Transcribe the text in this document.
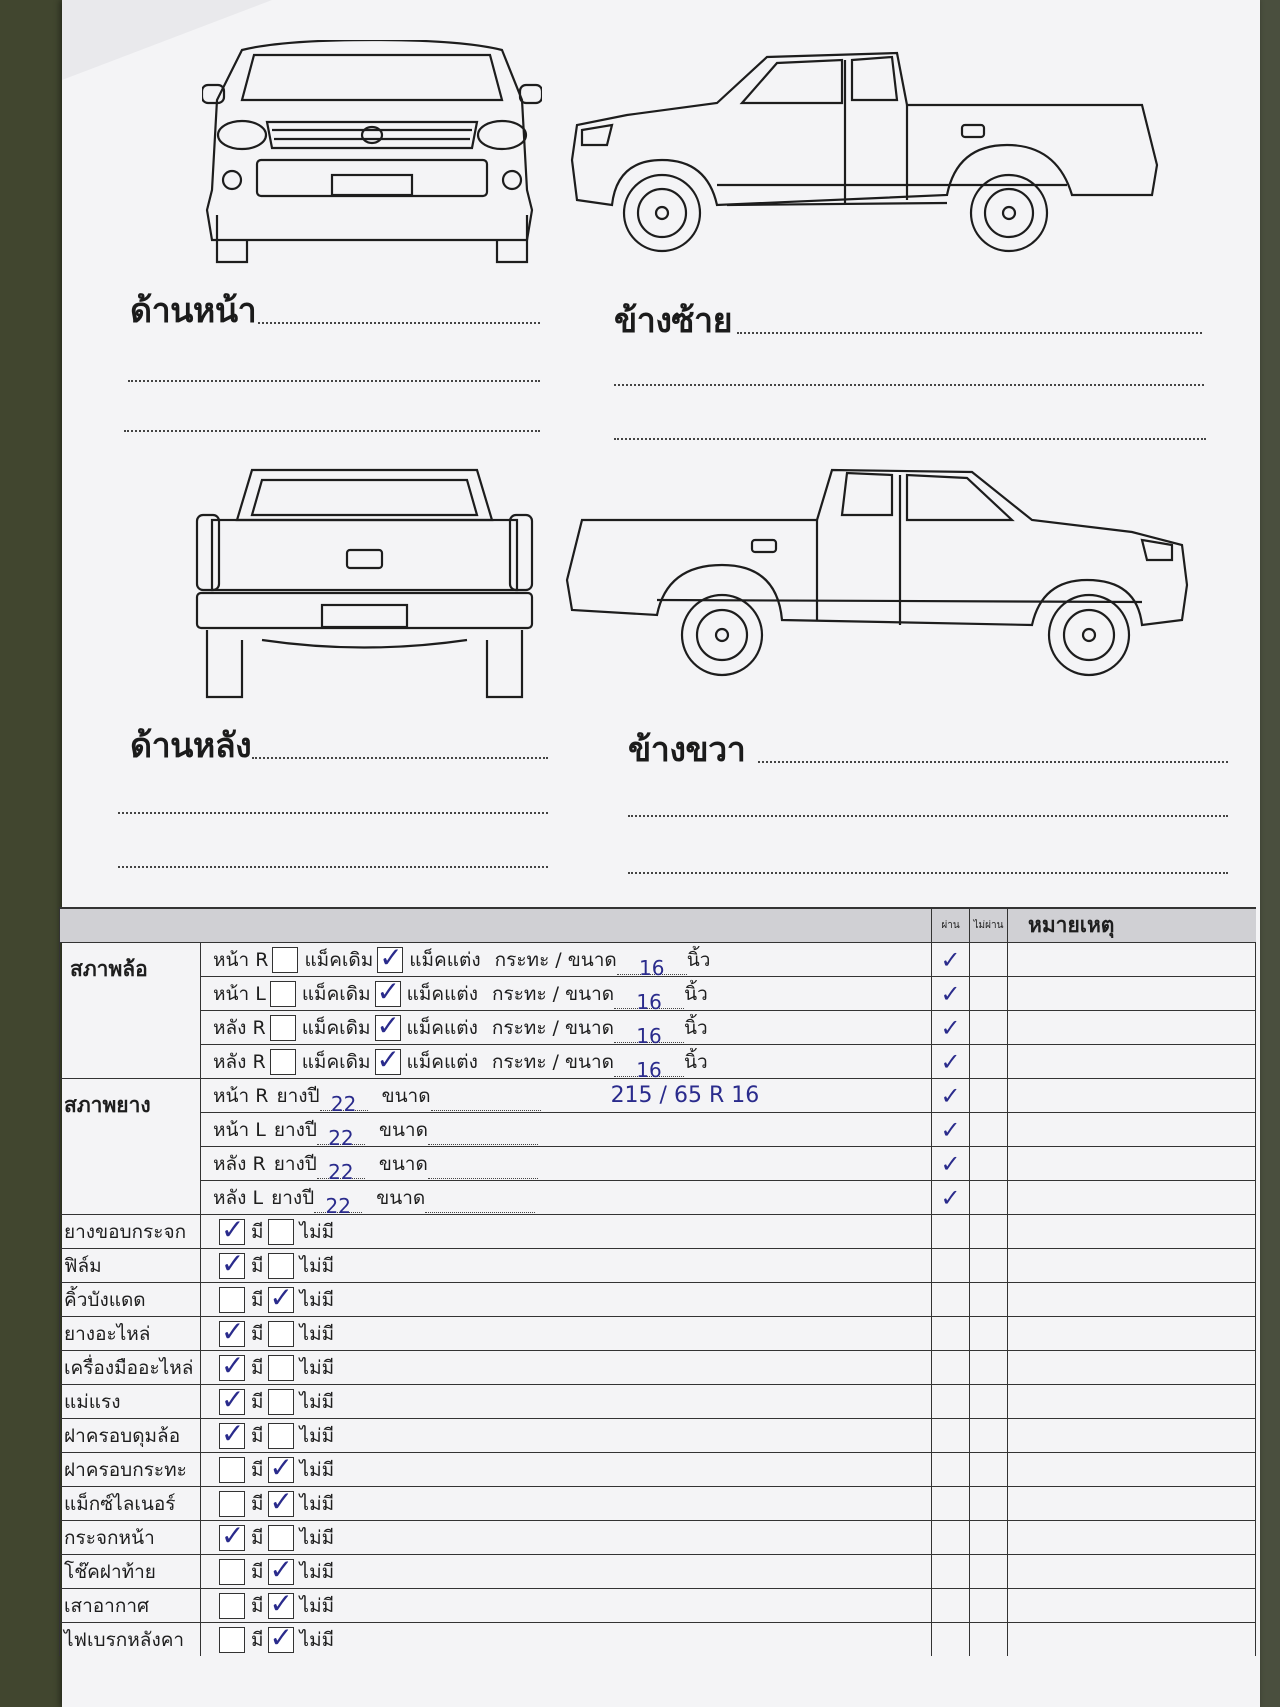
ด้านหน้า	ข้างซ้าย
ด้านหลัง	ข้างขวา
		ผ่าน	ไม่ผ่าน	หมายเหตุ
สภาพล้อ	หน้า R แม็คเดิม ✓ แม็คแต่ง กระทะ / ขนาด 16 นิ้ว	✓		
	หน้า L แม็คเดิม ✓ แม็คแต่ง กระทะ / ขนาด 16 นิ้ว	✓		
	หลัง R แม็คเดิม ✓ แม็คแต่ง กระทะ / ขนาด 16 นิ้ว	✓		
	หลัง R แม็คเดิม ✓ แม็คแต่ง กระทะ / ขนาด 16 นิ้ว	✓		
สภาพยาง	หน้า R ยางปี 22 ขนาด 215 / 65 R 16	✓		
	หน้า L ยางปี 22 ขนาด	✓		
	หลัง R ยางปี 22 ขนาด	✓		
	หลัง L ยางปี 22 ขนาด	✓		
ยางขอบกระจก	✓มี ไม่มี			
ฟิล์ม	✓มี ไม่มี			
คิ้วบังแดด	มี ✓ ไม่มี			
ยางอะไหล่	✓มี ไม่มี			
เครื่องมืออะไหล่	✓มี ไม่มี			
แม่แรง	✓มี ไม่มี			
ฝาครอบดุมล้อ	✓มี ไม่มี			
ฝาครอบกระทะ	มี ✓ ไม่มี			
แม็กซ์ไลเนอร์	มี ✓ ไม่มี			
กระจกหน้า	✓มี ไม่มี			
โช๊คฝาท้าย	มี ✓ ไม่มี			
เสาอากาศ	มี ✓ ไม่มี			
ไฟเบรกหลังคา	มี ✓ ไม่มี			
